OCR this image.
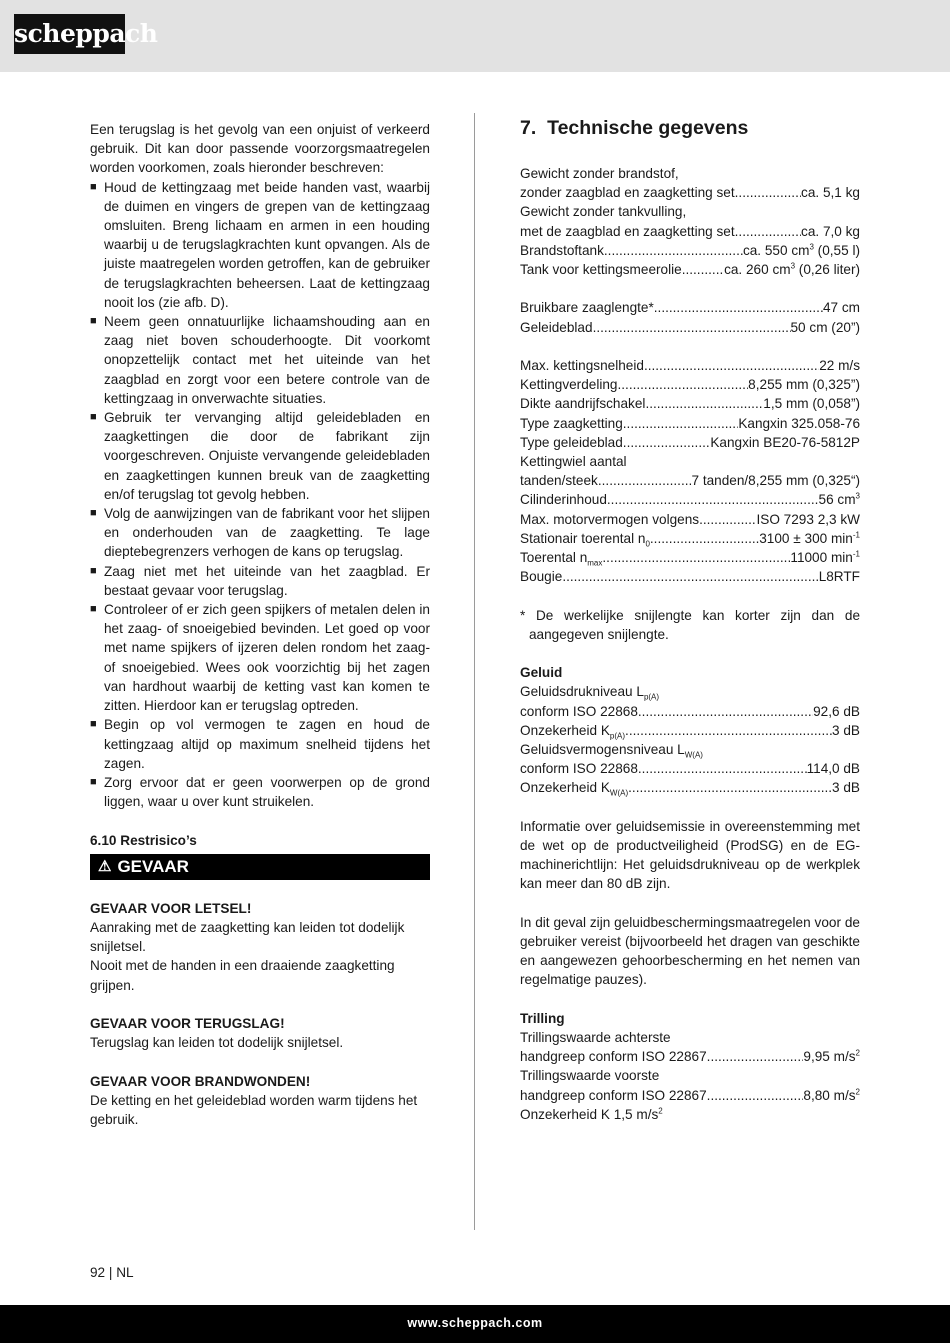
scheppach

Een terugslag is het gevolg van een onjuist of verkeerd gebruik. Dit kan door passende voorzorgsmaatregelen worden voorkomen, zoals hieronder beschreven:

■ Houd de kettingzaag met beide handen vast, waarbij de duimen en vingers de grepen van de kettingzaag omsluiten. Breng lichaam en armen in een houding waarbij u de terugslagkrachten kunt opvangen. Als de juiste maatregelen worden getroffen, kan de gebruiker de terugslagkrachten beheersen. Laat de kettingzaag nooit los (zie afb. D).
■ Neem geen onnatuurlijke lichaamshouding aan en zaag niet boven schouderhoogte. Dit voorkomt onopzettelijk contact met het uiteinde van het zaagblad en zorgt voor een betere controle van de kettingzaag in onverwachte situaties.
■ Gebruik ter vervanging altijd geleidebladen en zaagkettingen die door de fabrikant zijn voorgeschreven. Onjuiste vervangende geleidebladen en zaagkettingen kunnen breuk van de zaagketting en/of terugslag tot gevolg hebben.
■ Volg de aanwijzingen van de fabrikant voor het slijpen en onderhouden van de zaagketting. Te lage dieptebegrenzers verhogen de kans op terugslag.
■ Zaag niet met het uiteinde van het zaagblad. Er bestaat gevaar voor terugslag.
■ Controleer of er zich geen spijkers of metalen delen in het zaag- of snoeigebied bevinden. Let goed op voor met name spijkers of ijzeren delen rondom het zaag- of snoeigebied. Wees ook voorzichtig bij het zagen van hardhout waarbij de ketting vast kan komen te zitten. Hierdoor kan er terugslag optreden.
■ Begin op vol vermogen te zagen en houd de kettingzaag altijd op maximum snelheid tijdens het zagen.
■ Zorg ervoor dat er geen voorwerpen op de grond liggen, waar u over kunt struikelen.
6.10 Restrisico’s
⚠ GEVAAR
GEVAAR VOOR LETSEL!
Aanraking met de zaagketting kan leiden tot dodelijk snijletsel.
Nooit met de handen in een draaiende zaagketting grijpen.
GEVAAR VOOR TERUGSLAG!
Terugslag kan leiden tot dodelijk snijletsel.
GEVAAR VOOR BRANDWONDEN!
De ketting en het geleideblad worden warm tijdens het gebruik.
7. Technische gegevens
Gewicht zonder brandstof,
zonder zaagblad en zaagketting set .....	ca. 5,1 kg
Gewicht zonder tankvulling,
met de zaagblad en zaagketting set .....	ca. 7,0 kg
Brandstoftank .....	ca. 550 $cm^3$ (0,55 l)
Tank voor kettingsmeerolie .....	ca. 260 $cm^3$ (0,26 liter)
Bruikbare zaaglengte* .....	47 cm
Geleideblad .....	50 cm (20”)
Max. kettingsnelheid .....	22 m/s
Kettingverdeling .....	8,255 mm (0,325”)
Dikte aandrijfschakel .....	1,5 mm (0,058”)
Type zaagketting .....	Kangxin 325.058-76
Type geleideblad .....	Kangxin BE20-76-5812P
Kettingwiel aantal
tanden/steek .....	7 tanden/8,255 mm (0,325“)
Cilinderinhoud .....	56 $cm^3$
Max. motorvermogen volgens .....	ISO 7293 2,3 kW
Stationair toerental $n_0$ .....	3100 ± 300 $\min^{-1}$
Toerental $n_{max}$ .....	11000 $\min^{-1}$
Bougie .....	L8RTF

* De werkelijke snijlengte kan korter zijn dan de aangegeven snijlengte.

Geluid
Geluidsdrukniveau $L_{p(A)}$
conform ISO 22868 .....	92,6 dB
Onzekerheid $K_{p(A)}$ .....	3 dB
Geluidsvermogensniveau $L_{W(A)}$
conform ISO 22868 .....	114,0 dB
Onzekerheid $K_{W(A)}$ .....	3 dB

Informatie over geluidsemissie in overeenstemming met de wet op de productveiligheid (ProdSG) en de EG-machinerichtlijn: Het geluidsdrukniveau op de werkplek kan meer dan 80 dB zijn.

In dit geval zijn geluidbeschermingsmaatregelen voor de gebruiker vereist (bijvoorbeeld het dragen van geschikte en aangewezen gehoorbescherming en het nemen van regelmatige pauzes).

Trilling
Trillingswaarde achterste
handgreep conform ISO 22867 .....	9,95 $m/s^2$
Trillingswaarde voorste
handgreep conform ISO 22867 .....	8,80 $m/s^2$
Onzekerheid K 1,5 $m/s^2$
92 | NL
www.scheppach.com
